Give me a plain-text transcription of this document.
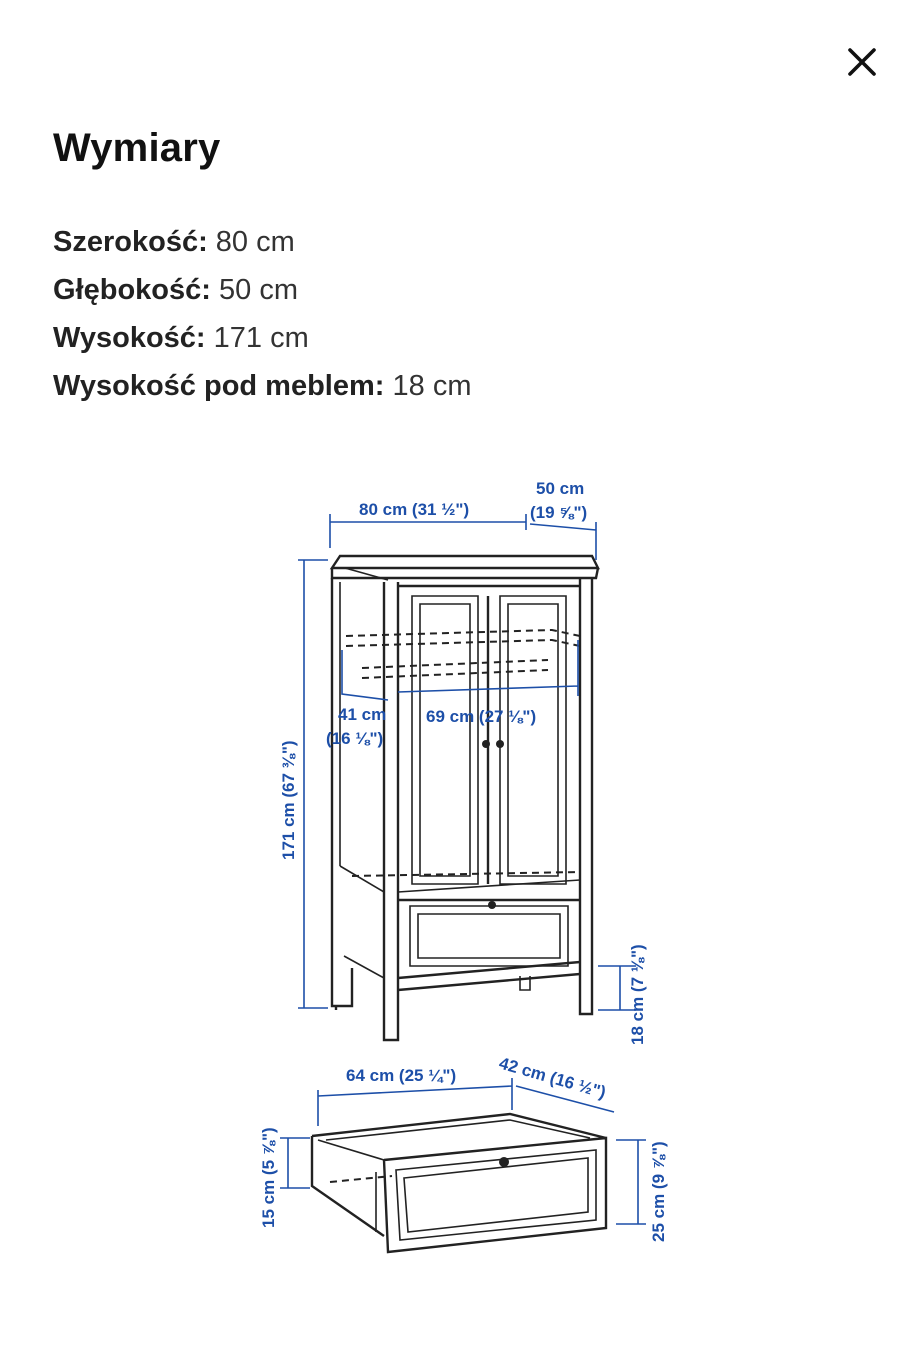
Wymiary
Szerokość: 80 cm
Głębokość: 50 cm
Wysokość: 171 cm
Wysokość pod meblem: 18 cm
80 cm (31 ½")
50 cm
(19 ⅝")
171 cm (67 ⅜")
41 cm
(16 ⅛")
69 cm (27 ⅛")
18 cm (7 ⅛")
64 cm (25 ¼") 42 cm (16 ½")
15 cm (5 ⅞")	25 cm (9 ⅞")
